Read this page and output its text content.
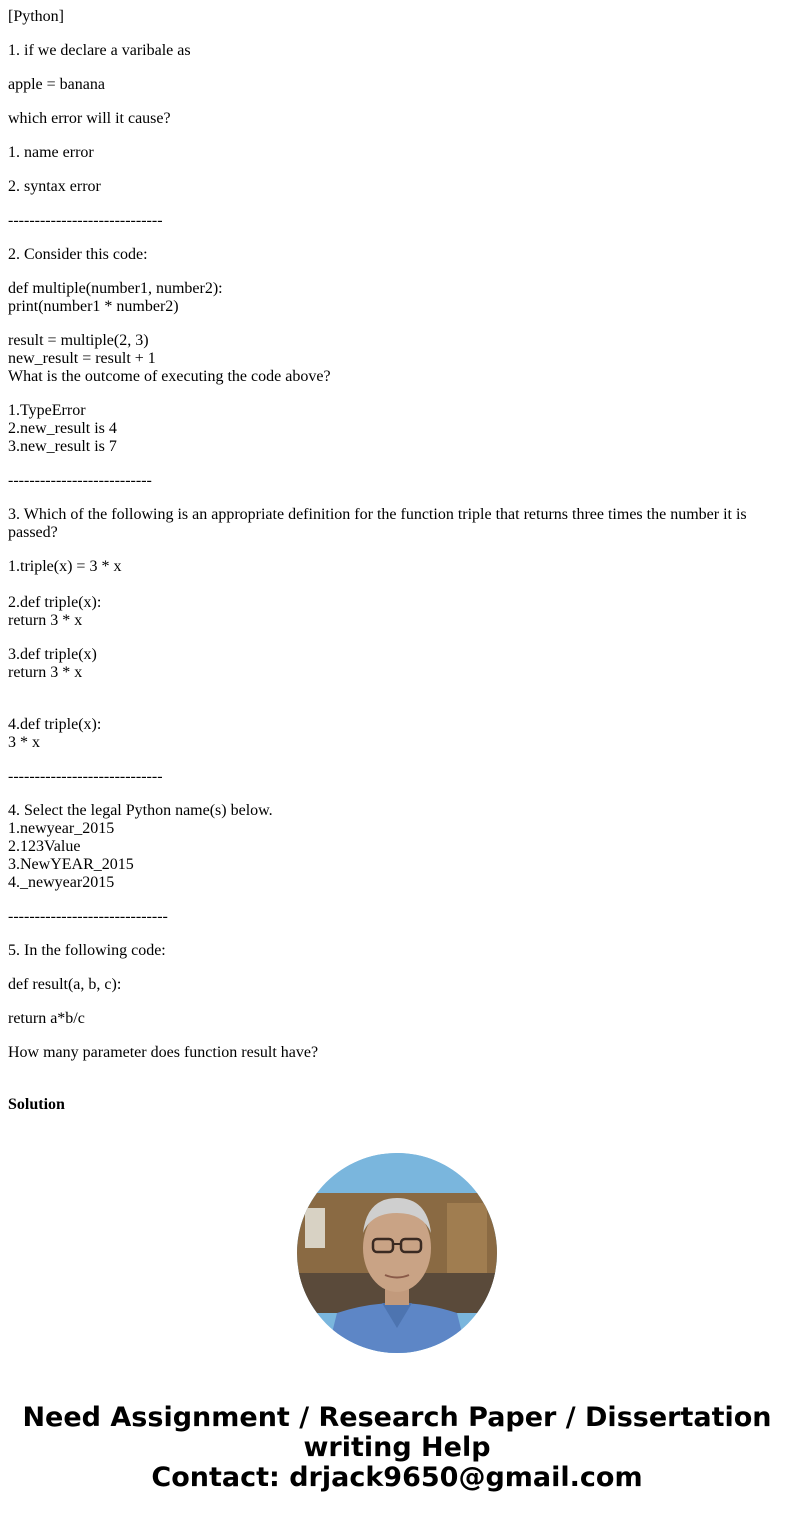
[Python]

1. if we declare a varibale as

apple = banana

which error will it cause?

1. name error

2. syntax error

-----------------------------

2. Consider this code:

def multiple(number1, number2):

print(number1 * number2)

result = multiple(2, 3)

new_result = result + 1

What is the outcome of executing the code above?

1.TypeError

2.new_result is 4

3.new_result is 7

---------------------------

3. Which of the following is an appropriate definition for the function triple that returns three times the number it is passed?

1.triple(x) = 3 * x

2.def triple(x):

return 3 * x

3.def triple(x)

return 3 * x

4.def triple(x):

3 * x

-----------------------------

4. Select the legal Python name(s) below.

1.newyear_2015

2.123Value

3.NewYEAR_2015

4._newyear2015

------------------------------

5. In the following code:

def result(a, b, c):

return a*b/c

How many parameter does function result have?

Solution

Need Assignment / Research Paper / Dissertation
writing Help
Contact: drjack9650@gmail.com
